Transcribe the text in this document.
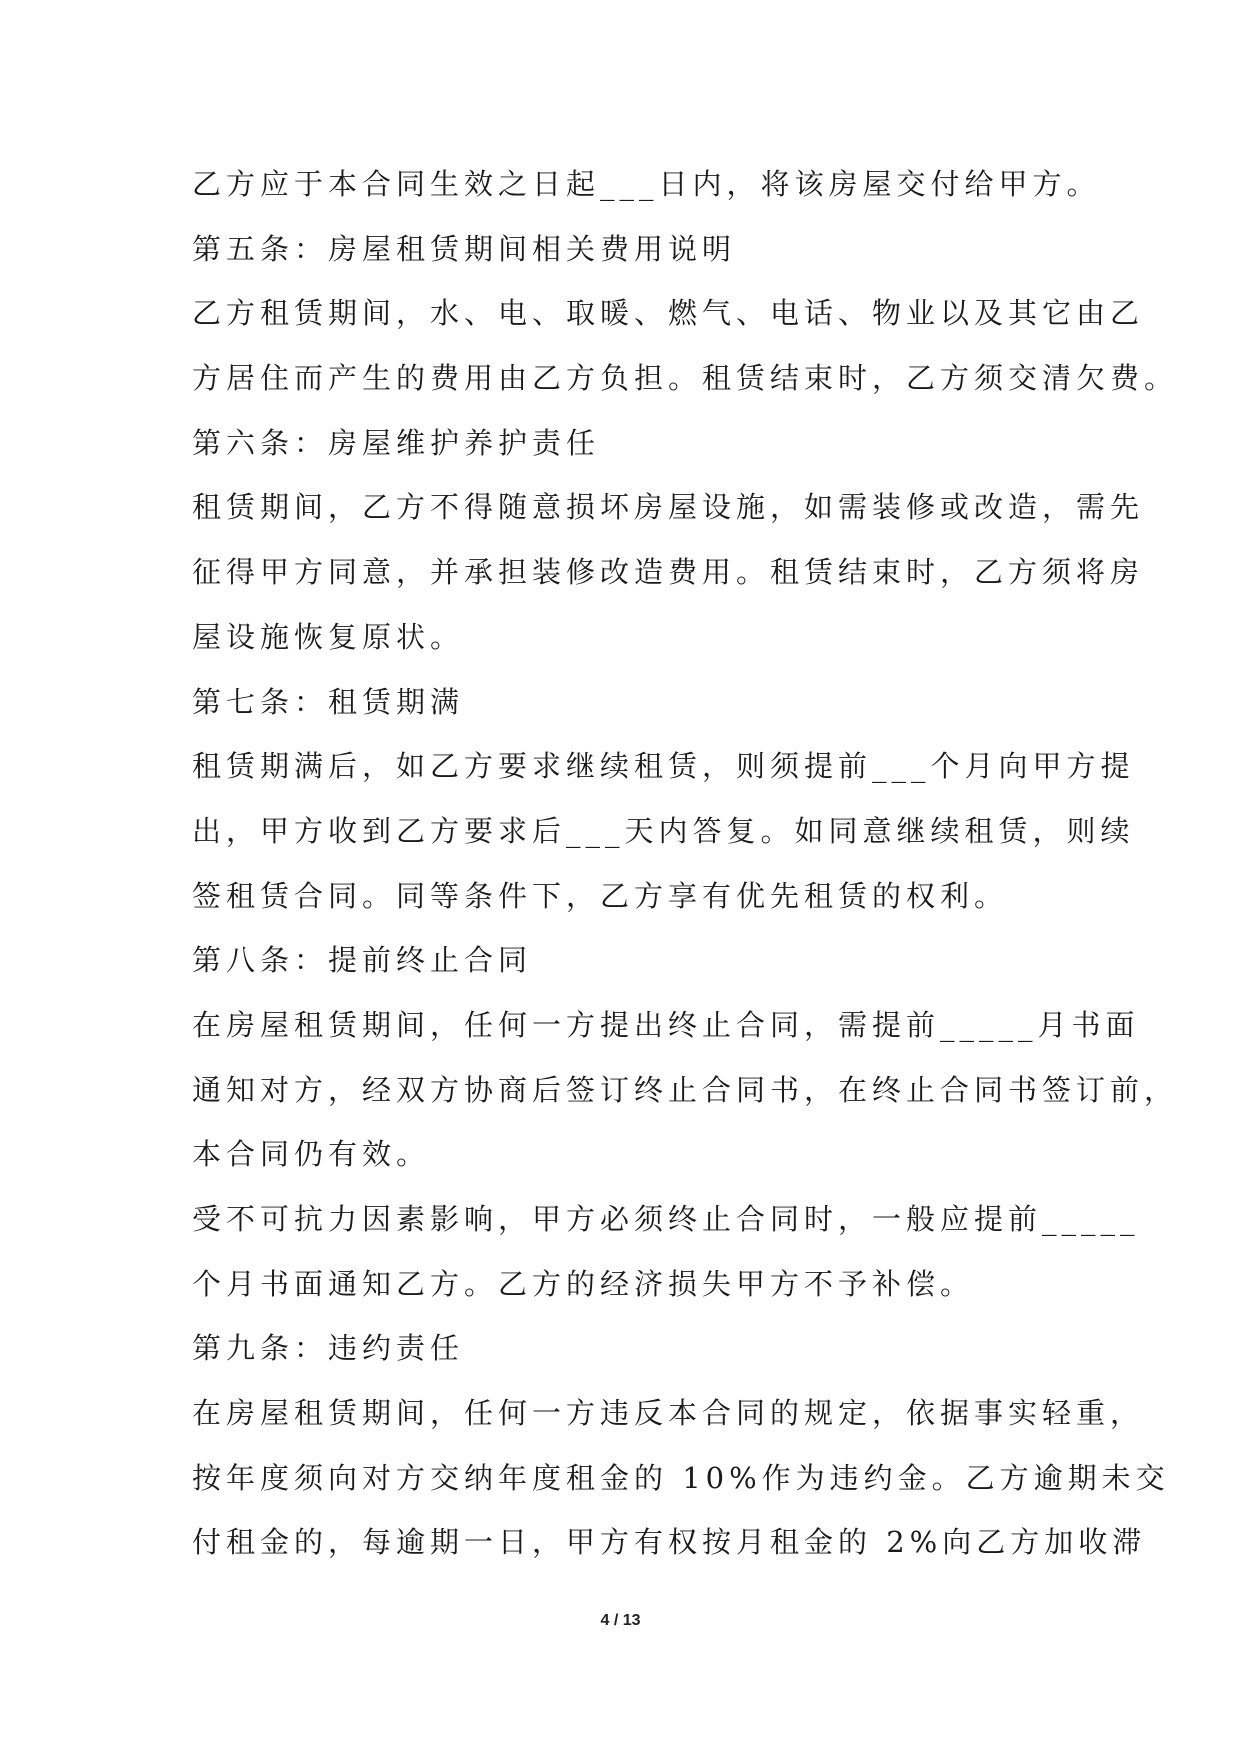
乙方应于本合同生效之日起___日内，将该房屋交付给甲方。
第五条：房屋租赁期间相关费用说明
乙方租赁期间，水、电、取暖、燃气、电话、物业以及其它由乙
方居住而产生的费用由乙方负担。租赁结束时，乙方须交清欠费。
第六条：房屋维护养护责任
租赁期间，乙方不得随意损坏房屋设施，如需装修或改造，需先
征得甲方同意，并承担装修改造费用。租赁结束时，乙方须将房
屋设施恢复原状。
第七条：租赁期满
租赁期满后，如乙方要求继续租赁，则须提前___个月向甲方提
出，甲方收到乙方要求后___天内答复。如同意继续租赁，则续
签租赁合同。同等条件下，乙方享有优先租赁的权利。
第八条：提前终止合同
在房屋租赁期间，任何一方提出终止合同，需提前_____月书面
通知对方，经双方协商后签订终止合同书，在终止合同书签订前，
本合同仍有效。
受不可抗力因素影响，甲方必须终止合同时，一般应提前_____
个月书面通知乙方。乙方的经济损失甲方不予补偿。
第九条：违约责任
在房屋租赁期间，任何一方违反本合同的规定，依据事实轻重，
按年度须向对方交纳年度租金的 10%作为违约金。乙方逾期未交
付租金的，每逾期一日，甲方有权按月租金的 2%向乙方加收滞
4 / 13
